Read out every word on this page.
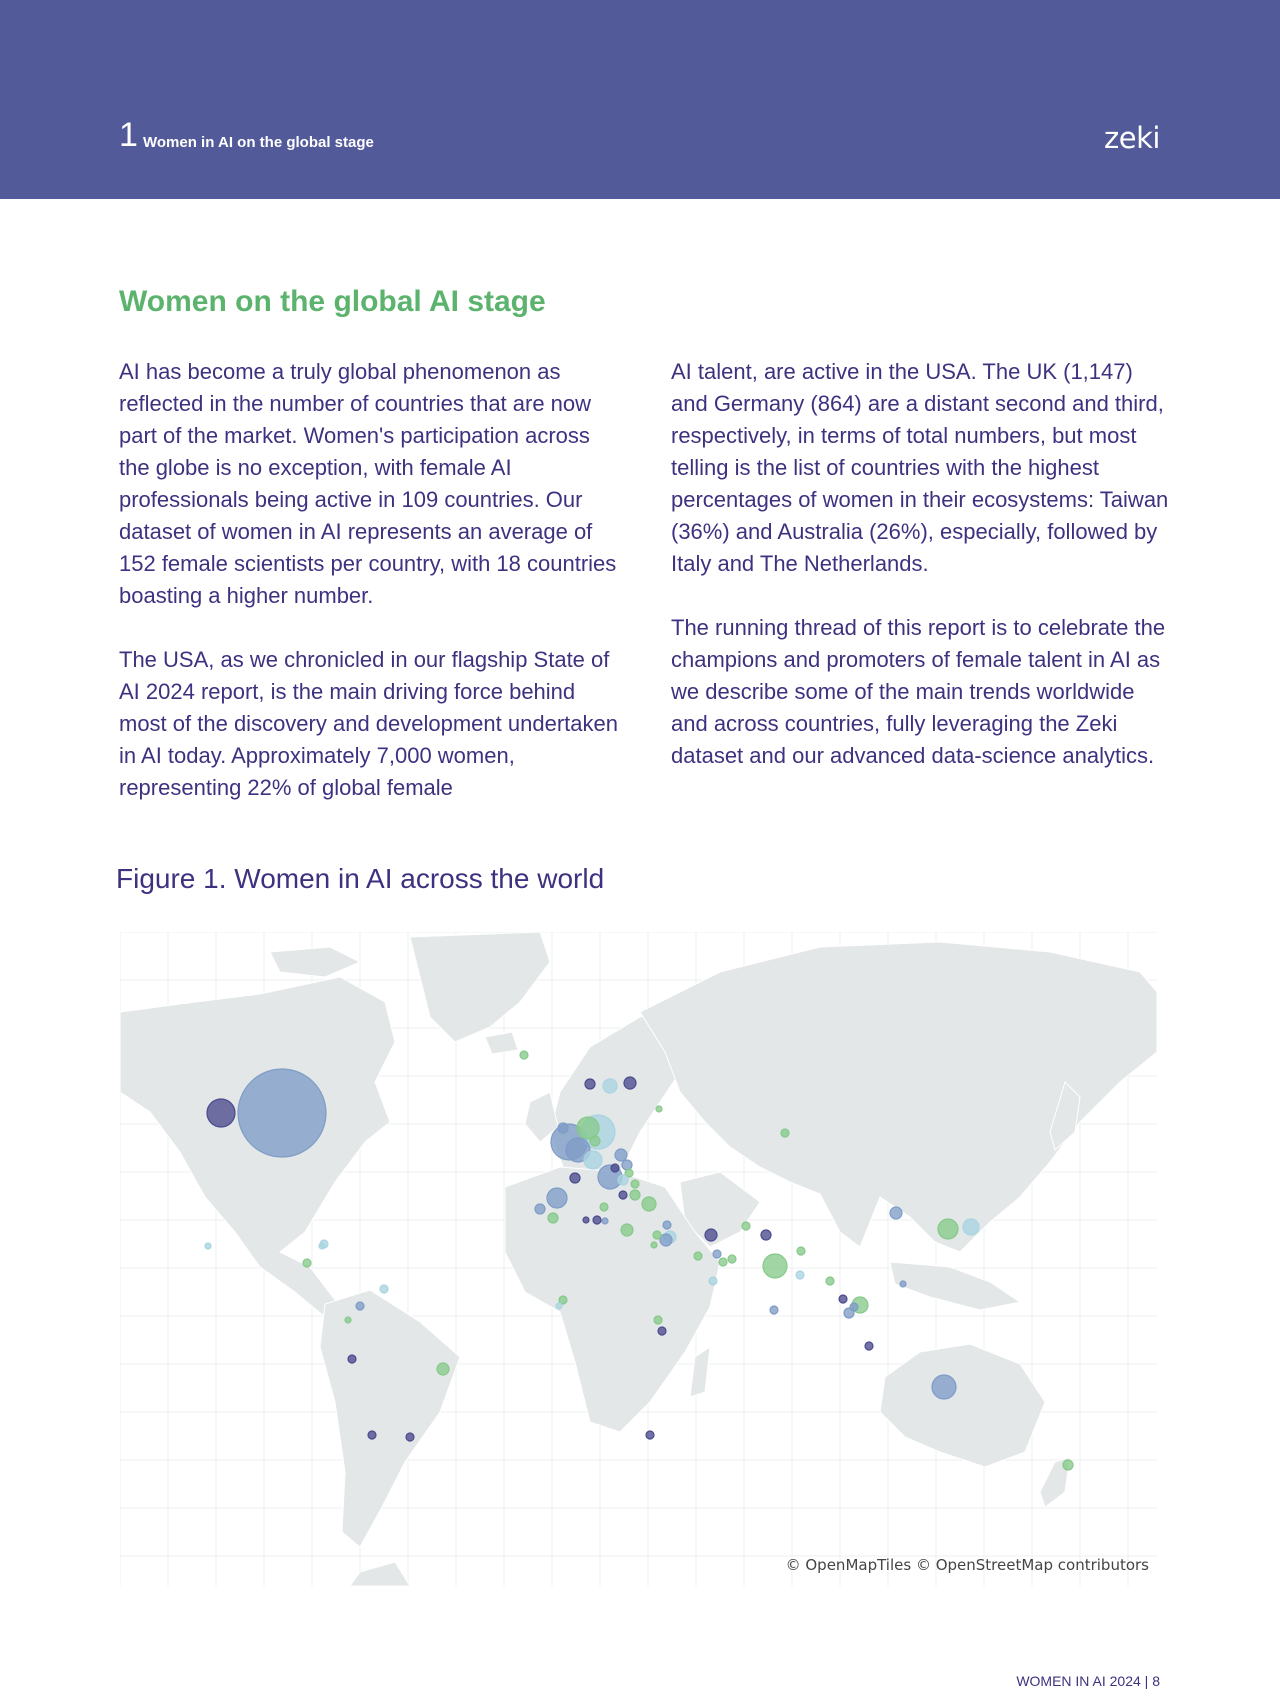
1 Women in AI on the global stage	zeki
Women on the global AI stage

AI has become a truly global phenomenon as reflected in the number of countries that are now part of the market. Women's participation across the globe is no exception, with female AI professionals being active in 109 countries. Our dataset of women in AI represents an average of 152 female scientists per country, with 18 countries boasting a higher number.

The USA, as we chronicled in our flagship State of AI 2024 report, is the main driving force behind most of the discovery and development undertaken in AI today. Approximately 7,000 women, representing 22% of global female

AI talent, are active in the USA. The UK (1,147) and Germany (864) are a distant second and third, respectively, in terms of total numbers, but most telling is the list of countries with the highest percentages of women in their ecosystems: Taiwan (36%) and Australia (26%), especially, followed by Italy and The Netherlands.

The running thread of this report is to celebrate the champions and promoters of female talent in AI as we describe some of the main trends worldwide and across countries, fully leveraging the Zeki dataset and our advanced data-science analytics.

Figure 1. Women in AI across the world
© OpenMapTiles © OpenStreetMap contributors
WOMEN IN AI 2024 | 8
